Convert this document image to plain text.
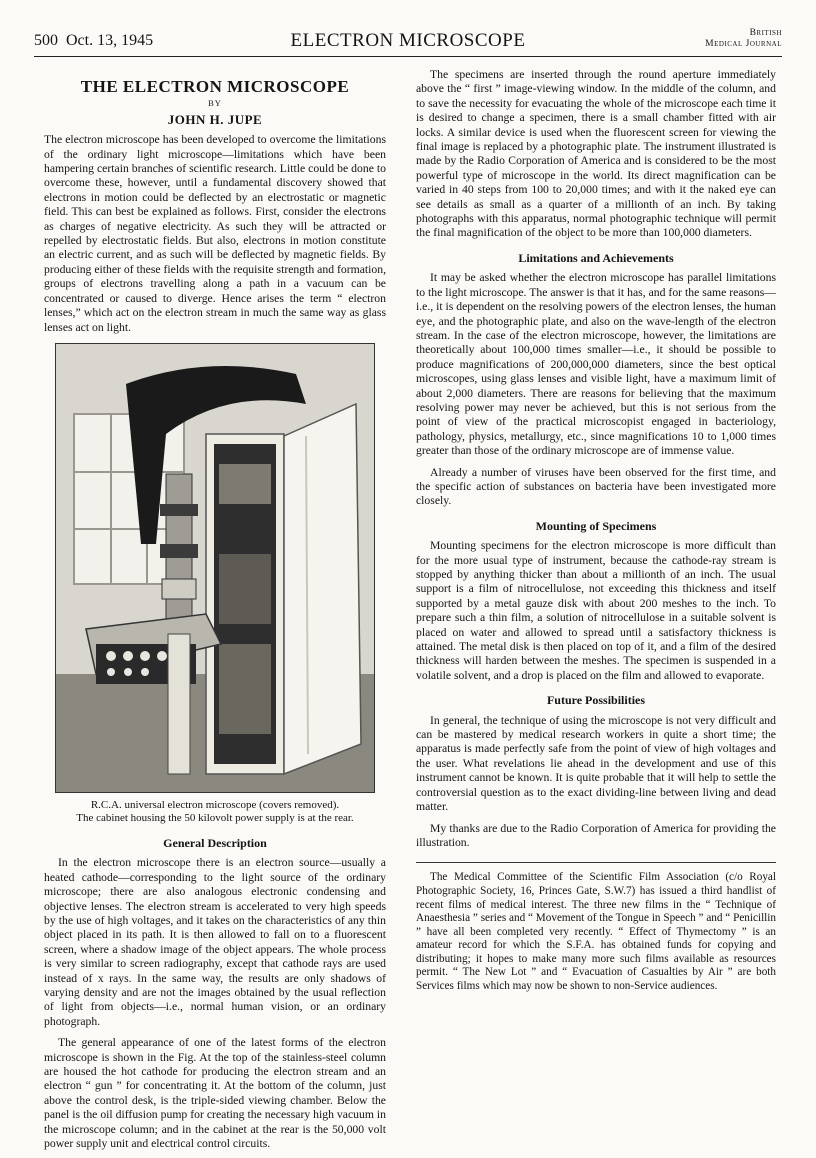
500 Oct. 13, 1945	ELECTRON MICROSCOPE	British
Medical Journal
THE ELECTRON MICROSCOPE
BY
JOHN H. JUPE

The electron microscope has been developed to overcome the limitations of the ordinary light microscope—limitations which have been hampering certain branches of scientific research. Little could be done to overcome these, however, until a fundamental discovery showed that electrons in motion could be deflected by an electrostatic or magnetic field. This can best be explained as follows. First, consider the electrons as charges of negative electricity. As such they will be attracted or repelled by electrostatic fields. But also, electrons in motion constitute an electric current, and as such will be deflected by magnetic fields. By producing either of these fields with the requisite strength and formation, groups of electrons travelling along a path in a vacuum can be concentrated or caused to diverge. Hence arises the term “ electron lenses,” which act on the electron stream in much the same way as glass lenses act on light.

R.C.A. universal electron microscope (covers removed).
The cabinet housing the 50 kilovolt power supply is at the rear.
General Description

In the electron microscope there is an electron source—usually a heated cathode—corresponding to the light source of the ordinary microscope; there are also analogous electronic condensing and objective lenses. The electron stream is accelerated to very high speeds by the use of high voltages, and it takes on the characteristics of any thin object placed in its path. It is then allowed to fall on to a fluorescent screen, where a shadow image of the object appears. The whole process is very similar to screen radiography, except that cathode rays are used instead of x rays. In the same way, the results are only shadows of varying density and are not the images obtained by the usual reflection of light from objects—i.e., normal human vision, or an ordinary photograph.

The general appearance of one of the latest forms of the electron microscope is shown in the Fig. At the top of the stainless-steel column are housed the hot cathode for producing the electron stream and an electron “ gun ” for concentrating it. At the bottom of the column, just above the control desk, is the triple-sided viewing chamber. Below the panel is the oil diffusion pump for creating the necessary high vacuum in the microscope column; and in the cabinet at the rear is the 50,000 volt power supply unit and electrical control circuits.

The specimens are inserted through the round aperture immediately above the “ first ” image-viewing window. In the middle of the column, and to save the necessity for evacuating the whole of the microscope each time it is desired to change a specimen, there is a small chamber fitted with air locks. A similar device is used when the fluorescent screen for viewing the final image is replaced by a photographic plate. The instrument illustrated is made by the Radio Corporation of America and is considered to be the most powerful type of microscope in the world. Its direct magnification can be varied in 40 steps from 100 to 20,000 times; and with it the naked eye can see details as small as a quarter of a millionth of an inch. By taking photographs with this apparatus, normal photographic technique will permit the final magnification of the object to be more than 100,000 diameters.

Limitations and Achievements

It may be asked whether the electron microscope has parallel limitations to the light microscope. The answer is that it has, and for the same reasons—i.e., it is dependent on the resolving powers of the electron lenses, the human eye, and the photographic plate, and also on the wave-length of the electron stream. In the case of the electron microscope, however, the limitations are theoretically about 100,000 times smaller—i.e., it should be possible to produce magnifications of 200,000,000 diameters, since the best optical microscopes, using glass lenses and visible light, have a maximum limit of about 2,000 diameters. There are reasons for believing that the maximum resolving power may never be achieved, but this is not serious from the point of view of the practical microscopist engaged in bacteriology, pathology, physics, metallurgy, etc., since magnifications 10 to 1,000 times greater than those of the ordinary microscope are of immense value.

Already a number of viruses have been observed for the first time, and the specific action of substances on bacteria have been investigated more closely.

Mounting of Specimens

Mounting specimens for the electron microscope is more difficult than for the more usual type of instrument, because the cathode-ray stream is stopped by anything thicker than about a millionth of an inch. The usual support is a film of nitrocellulose, not exceeding this thickness and itself supported by a metal gauze disk with about 200 meshes to the inch. To prepare such a thin film, a solution of nitrocellulose in a suitable solvent is placed on water and allowed to spread until a satisfactory thickness is attained. The metal disk is then placed on top of it, and a film of the desired thickness will harden between the meshes. The specimen is suspended in a volatile solvent, and a drop is placed on the film and allowed to evaporate.

Future Possibilities

In general, the technique of using the microscope is not very difficult and can be mastered by medical research workers in quite a short time; the apparatus is made perfectly safe from the point of view of high voltages and the user. What revelations lie ahead in the development and use of this instrument cannot be known. It is quite probable that it will help to settle the controversial question as to the exact dividing-line between living and dead matter.

My thanks are due to the Radio Corporation of America for providing the illustration.

The Medical Committee of the Scientific Film Association (c/o Royal Photographic Society, 16, Princes Gate, S.W.7) has issued a third handlist of recent films of medical interest. The three new films in the “ Technique of Anaesthesia ” series and “ Movement of the Tongue in Speech ” and “ Penicillin ” have all been completed very recently. “ Effect of Thymectomy ” is an amateur record for which the S.F.A. has obtained funds for copying and distributing; it hopes to make many more such films available as resources permit. “ The New Lot ” and “ Evacuation of Casualties by Air ” are both Services films which may now be shown to non-Service audiences.
